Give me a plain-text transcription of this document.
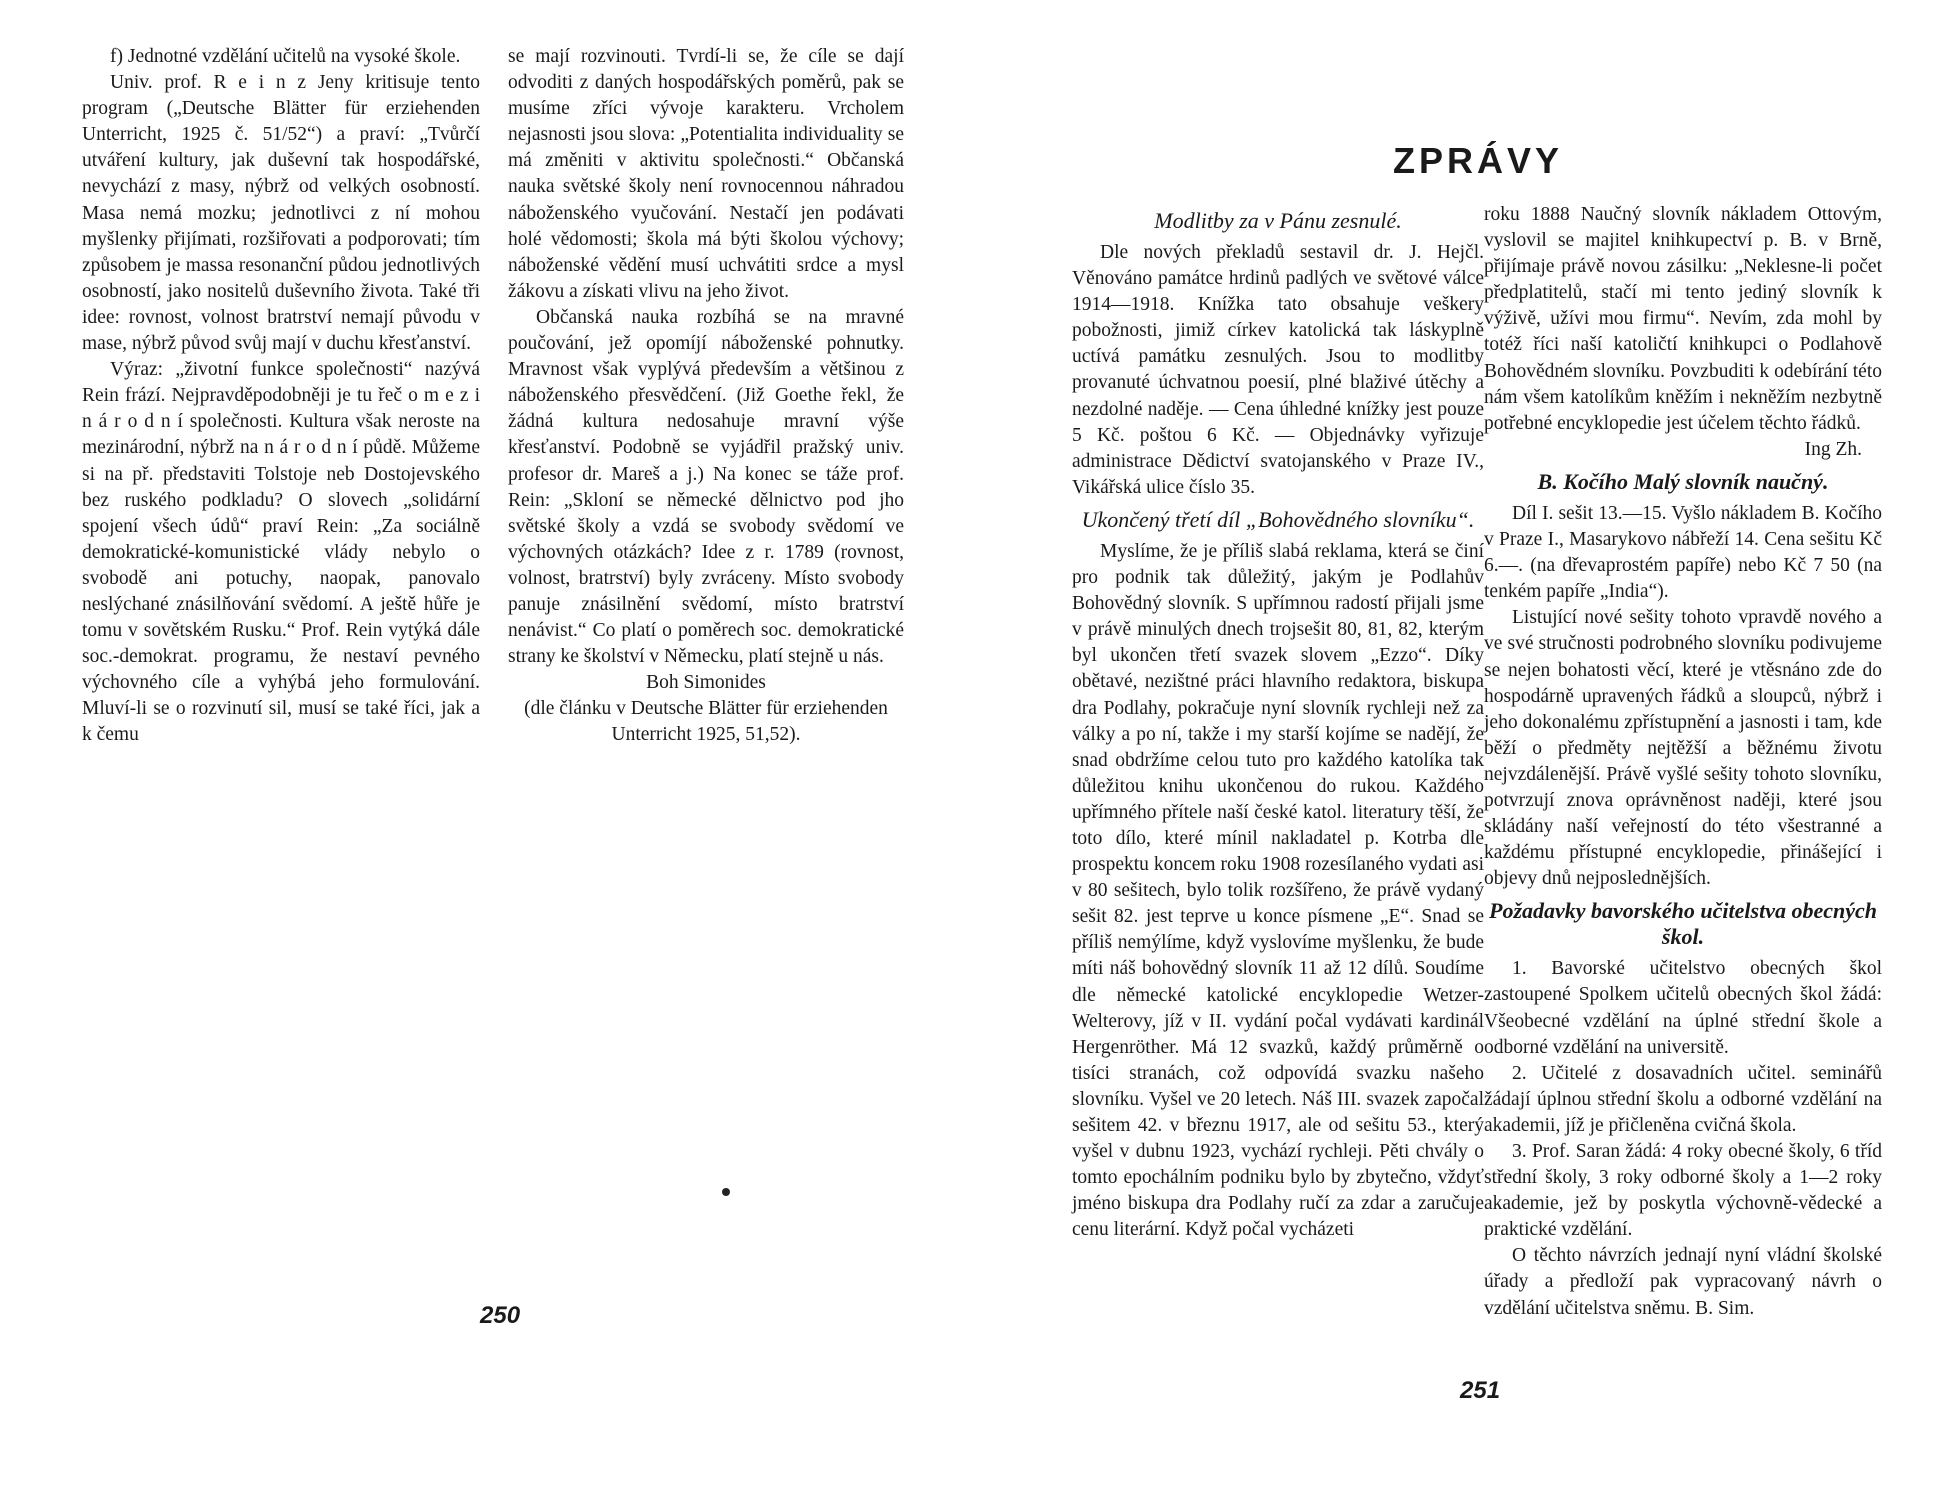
f) Jednotné vzdělání učitelů na vysoké škole.

Univ. prof. R e i n z Jeny kritisuje tento program („Deutsche Blätter für erziehenden Unterricht, 1925 č. 51/52“) a praví: „Tvůrčí utváření kultury, jak duševní tak hospodářské, nevychází z masy, nýbrž od velkých osobností. Masa nemá mozku; jednotlivci z ní mohou myšlenky přijímati, rozšiřovati a podporovati; tím způsobem je massa resonanční půdou jednotlivých osobností, jako nositelů duševního života. Také tři idee: rovnost, volnost bratrství nemají původu v mase, nýbrž původ svůj mají v duchu křesťanství.

Výraz: „životní funkce společnosti“ nazývá Rein frází. Nejpravděpodobněji je tu řeč o m e z i n á r o d n í společnosti. Kultura však neroste na mezinárodní, nýbrž na n á r o d n í půdě. Můžeme si na př. představiti Tolstoje neb Dostojevského bez ruského podkladu? O slovech „solidární spojení všech údů“ praví Rein: „Za sociálně demokratické-komunistické vlády nebylo o svobodě ani potuchy, naopak, panovalo neslýchané znásilňování svědomí. A ještě hůře je tomu v sovětském Rusku.“ Prof. Rein vytýká dále soc.-demokrat. programu, že nestaví pevného výchovného cíle a vyhýbá jeho formulování. Mluví-li se o rozvinutí sil, musí se také říci, jak a k čemu

se mají rozvinouti. Tvrdí-li se, že cíle se dají odvoditi z daných hospodářských poměrů, pak se musíme zříci vývoje karakteru. Vrcholem nejasnosti jsou slova: „Potentialita individuality se má změniti v aktivitu společnosti.“ Občanská nauka světské školy není rovnocennou náhradou náboženského vyučování. Nestačí jen podávati holé vědomosti; škola má býti školou výchovy; náboženské vědění musí uchvátiti srdce a mysl žákovu a získati vlivu na jeho život.

Občanská nauka rozbíhá se na mravné poučování, jež opomíjí náboženské pohnutky. Mravnost však vyplývá především a většinou z náboženského přesvědčení. (Již Goethe řekl, že žádná kultura nedosahuje mravní výše křesťanství. Podobně se vyjádřil pražský univ. profesor dr. Mareš a j.) Na konec se táže prof. Rein: „Skloní se německé dělnictvo pod jho světské školy a vzdá se svobody svědomí ve výchovných otázkách? Idee z r. 1789 (rovnost, volnost, bratrství) byly zvráceny. Místo svobody panuje znásilnění svědomí, místo bratrství nenávist.“ Co platí o poměrech soc. demokratické strany ke školství v Německu, platí stejně u nás.

Boh Simonides

(dle článku v Deutsche Blätter für erziehenden Unterricht 1925, 51,52).

250
ZPRÁVY
Modlitby za v Pánu zesnulé.

Dle nových překladů sestavil dr. J. Hejčl. Věnováno památce hrdinů padlých ve světové válce 1914—1918. Knížka tato obsahuje veškery pobožnosti, jimiž církev katolická tak láskyplně uctívá památku zesnulých. Jsou to modlitby provanuté úchvatnou poesií, plné blaživé útěchy a nezdolné naděje. — Cena úhledné knížky jest pouze 5 Kč. poštou 6 Kč. — Objednávky vyřizuje administrace Dědictví svatojanského v Praze IV., Vikářská ulice číslo 35.

Ukončený třetí díl „Bohovědného slovníku“.

Myslíme, že je příliš slabá reklama, která se činí pro podnik tak důležitý, jakým je Podlahův Bohovědný slovník. S upřímnou radostí přijali jsme v právě minulých dnech trojsešit 80, 81, 82, kterým byl ukončen třetí svazek slovem „Ezzo“. Díky obětavé, nezištné práci hlavního redaktora, biskupa dra Podlahy, pokračuje nyní slovník rychleji než za války a po ní, takže i my starší kojíme se nadějí, že snad obdržíme celou tuto pro každého katolíka tak důležitou knihu ukončenou do rukou. Každého upřímného přítele naší české katol. literatury těší, že toto dílo, které mínil nakladatel p. Kotrba dle prospektu koncem roku 1908 rozesílaného vydati asi v 80 sešitech, bylo tolik rozšířeno, že právě vydaný sešit 82. jest teprve u konce písmene „E“. Snad se příliš nemýlíme, když vyslovíme myšlenku, že bude míti náš bohovědný slovník 11 až 12 dílů. Soudíme dle německé katolické encyklopedie Wetzer-Welterovy, jíž v II. vydání počal vydávati kardinál Hergenröther. Má 12 svazků, každý průměrně o tisíci stranách, což odpovídá svazku našeho slovníku. Vyšel ve 20 letech. Náš III. svazek započal sešitem 42. v březnu 1917, ale od sešitu 53., který vyšel v dubnu 1923, vychází rychleji. Pěti chvály o tomto epochálním podniku bylo by zbytečno, vždyť jméno biskupa dra Podlahy ručí za zdar a zaručuje cenu literární. Když počal vycházeti

roku 1888 Naučný slovník nákladem Ottovým, vyslovil se majitel knihkupectví p. B. v Brně, přijímaje právě novou zásilku: „Neklesne-li počet předplatitelů, stačí mi tento jediný slovník k výživě, užívi mou firmu“. Nevím, zda mohl by totéž říci naší katoličtí knihkupci o Podlahově Bohovědném slovníku. Povzbuditi k odebírání této nám všem katolíkům kněžím i nekněžím nezbytně potřebné encyklopedie jest účelem těchto řádků.

Ing Zh.

B. Kočího Malý slovník naučný.

Díl I. sešit 13.—15. Vyšlo nákladem B. Kočího v Praze I., Masarykovo nábřeží 14. Cena sešitu Kč 6.—. (na dřevaprostém papíře) nebo Kč 7 50 (na tenkém papíře „India“).

Listující nové sešity tohoto vpravdě nového a ve své stručnosti podrobného slovníku podivujeme se nejen bohatosti věcí, které je vtěsnáno zde do hospodárně upravených řádků a sloupců, nýbrž i jeho dokonalému zpřístupnění a jasnosti i tam, kde běží o předměty nejtěžší a běžnému životu nejvzdálenější. Právě vyšlé sešity tohoto slovníku, potvrzují znova oprávněnost naději, které jsou skládány naší veřejností do této všestranné a každému přístupné encyklopedie, přinášející i objevy dnů nejposlednějších.

Požadavky bavorského učitelstva obecných škol.

1. Bavorské učitelstvo obecných škol zastoupené Spolkem učitelů obecných škol žádá: Všeobecné vzdělání na úplné střední škole a odborné vzdělání na universitě.

2. Učitelé z dosavadních učitel. seminářů žádají úplnou střední školu a odborné vzdělání na akademii, jíž je přičleněna cvičná škola.

3. Prof. Saran žádá: 4 roky obecné školy, 6 tříd střední školy, 3 roky odborné školy a 1—2 roky akademie, jež by poskytla výchovně-vědecké a praktické vzdělání.

O těchto návrzích jednají nyní vládní školské úřady a předloží pak vypracovaný návrh o vzdělání učitelstva sněmu. B. Sim.

251
